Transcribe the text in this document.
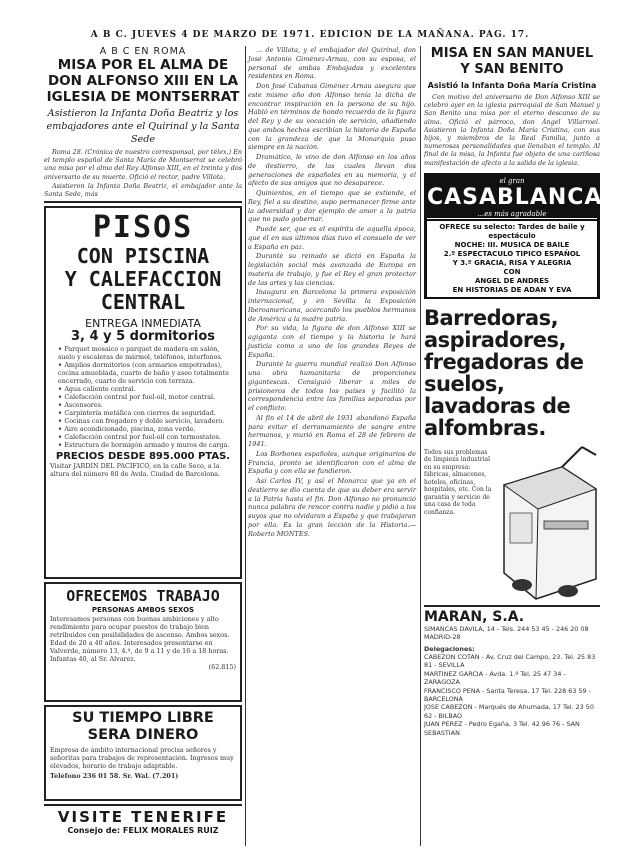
A B C. JUEVES 4 DE MARZO DE 1971. EDICION DE LA MAÑANA. PAG. 17.
A B C EN ROMA
MISA POR EL ALMA DE DON ALFONSO XIII EN LA IGLESIA DE MONTSERRAT
Asistieron la Infanta Doña Beatriz y los embajadores ante el Quirinal y la Santa Sede

Roma 28. (Crónica de nuestro corresponsal, por télex.) En el templo español de Santa María de Montserrat se celebró una misa por el alma del Rey Alfonso XIII, en el treinta y dos aniversario de su muerte. Ofició el rector, padre Villota.

Asistieron la Infanta Doña Beatriz, el embajador ante la Santa Sede, más

PISOS
CON PISCINA
Y CALEFACCION
CENTRAL
ENTREGA INMEDIATA
3, 4 y 5 dormitorios
• Parquet mosaico o parquet de madera en salón, suelo y escaleras de mármol, teléfonos, interfonos.
• Amplios dormitorios (con armarios empotrados), cocina amueblada, cuarto de baño y aseo totalmente encerrado, cuarto de servicio con terraza.
• Agua caliente central.
• Calefacción central por fuel-oil, motor central.
• Ascensores.
• Carpintería metálica con cierres de seguridad.
• Cocinas con fregadero y doble servicio, lavadero.
• Aire acondicionado, piscina, zona verde.
• Calefacción central por fuel-oil con termostatos.
• Estructura de hormigón armado y muros de carga.
PRECIOS DESDE 895.000 PTAS.
Visitar JARDIN DEL PACIFICO, en la calle Seco, a la altura del número 80 de Avda. Ciudad de Barcelona.
OFRECEMOS TRABAJO
PERSONAS AMBOS SEXOS
Interesamos personas con buenas ambiciones y alto rendimiento para ocupar puestos de trabajo bien retribuidos con posibilidades de ascenso. Ambos sexos. Edad de 20 a 40 años. Interesados presentarse en Valverde, número 13, 4.º, de 9 a 11 y de 16 a 18 horas. Infantas 40, al Sr. Alvarez.
(62.815)
SU TIEMPO LIBRE SERA DINERO
Empresa de ámbito internacional precisa señores y señoritas para trabajos de representación. Ingresos muy elevados, horario de trabajo adaptable.
Teléfono 236 01 58. Sr. Wal. (7.201)
VISITE TENERIFE
Consejo de: FELIX MORALES RUIZ

... de Villota, y el embajador del Quirinal, don José Antonio Giménez-Arnau, con su esposa, el personal de ambas Embajadas y excelentes residentes en Roma.

Don José Cabanas Giménez Arnau asegura que este mismo año don Alfonso tenía la dicha de encontrar inspiración en la persona de su hijo. Habló en términos de hondo recuerdo de la figura del Rey y de su vocación de servicio, añadiendo que ambos hechos escribían la historia de España con la grandeza de que la Monarquía puso siempre en la nación.

Dramático, le vino de don Alfonso en los años de destierro, de las cuales llevan dos generaciones de españoles en su memoria, y el afecto de sus amigos que no desaparece.

Quinientos, en el tiempo que se extiende, el Rey, fiel a su destino, supo permanecer firme ante la adversidad y dar ejemplo de amor a la patria que no pudo gobernar.

Puede ser, que es el espíritu de aquella época, que él en sus últimos días tuvo el consuelo de ver a España en paz.

Durante su reinado se dictó en España la legislación social más avanzada de Europa en materia de trabajo, y fue el Rey el gran protector de las artes y las ciencias.

Inaugura en Barcelona la primera exposición internacional, y en Sevilla la Exposición Iberoamericana, acercando los pueblos hermanos de América a la madre patria.

Por su vida, la figura de don Alfonso XIII se agiganta con el tiempo y la historia le hará justicia como a uno de los grandes Reyes de España.

Durante la guerra mundial realizó Don Alfonso una obra humanitaria de proporciones gigantescas. Consiguió liberar a miles de prisioneros de todos los países y facilitó la correspondencia entre las familias separadas por el conflicto.

Al fin el 14 de abril de 1931 abandonó España para evitar el derramamiento de sangre entre hermanos, y murió en Roma el 28 de febrero de 1941.

Los Borbones españoles, aunque originarios de Francia, pronto se identificaron con el alma de España y con ella se fundieron.

Así Carlos IV, y así el Monarca que ya en el destierro se dio cuenta de que su deber era servir a la Patria hasta el fin. Don Alfonso no pronunció nunca palabra de rencor contra nadie y pidió a los suyos que no olvidaran a España y que trabajaran por ella. Es la gran lección de la Historia.—Roberto MONTES.

MISA EN SAN MANUEL Y SAN BENITO
Asistió la Infanta Doña María Cristina

Con motivo del aniversario de Don Alfonso XIII se celebró ayer en la iglesia parroquial de San Manuel y San Benito una misa por el eterno descanso de su alma. Ofició el párroco, don Ángel Villarroel. Asistieron la Infanta Doña María Cristina, con sus hijos, y miembros de la Real Familia, junto a numerosas personalidades que llenaban el templo. Al final de la misa, la Infanta fue objeto de una cariñosa manifestación de afecto a la salida de la iglesia.

el gran
CASABLANCA
...es más agradable
OFRECE su selecto: Tardes de baile y espectáculo
NOCHE: III. MUSICA DE BAILE
2.º ESPECTACULO TIPICO ESPAÑOL
Y 3.º GRACIA, RISA Y ALEGRIA
CON
ANGEL DE ANDRES
EN HISTORIAS DE ADAN Y EVA
PLAZA DEL REY, 7 • TEL. - 221 18 08
Barredoras, aspiradores, fregadoras de suelos, lavadoras de alfombras.
Todos sus problemas de limpieza industrial en su empresa: fábricas, almacenes, hoteles, oficinas, hospitales, etc. Con la garantía y servicio de una casa de toda confianza.
MARAN, S.A.
SIMANCAS DAVILA, 14 - Tels. 244 53 45 - 246 20 08 MADRID-28
Delegaciones:
CABEZON COTAN - Av. Cruz del Campo, 23. Tel. 25 83 81 - SEVILLA
MARTINEZ GARCIA - Avda. 1.º Tel. 25 47 34 - ZARAGOZA
FRANCISCO PENA - Santa Teresa, 17 Tel. 228 63 59 - BARCELONA
JOSE CABEZON - Marqués de Ahumada, 17 Tel. 23 50 62 - BILBAO
JUAN PEREZ - Pedro Egaña, 3 Tel. 42 96 76 - SAN SEBASTIAN
